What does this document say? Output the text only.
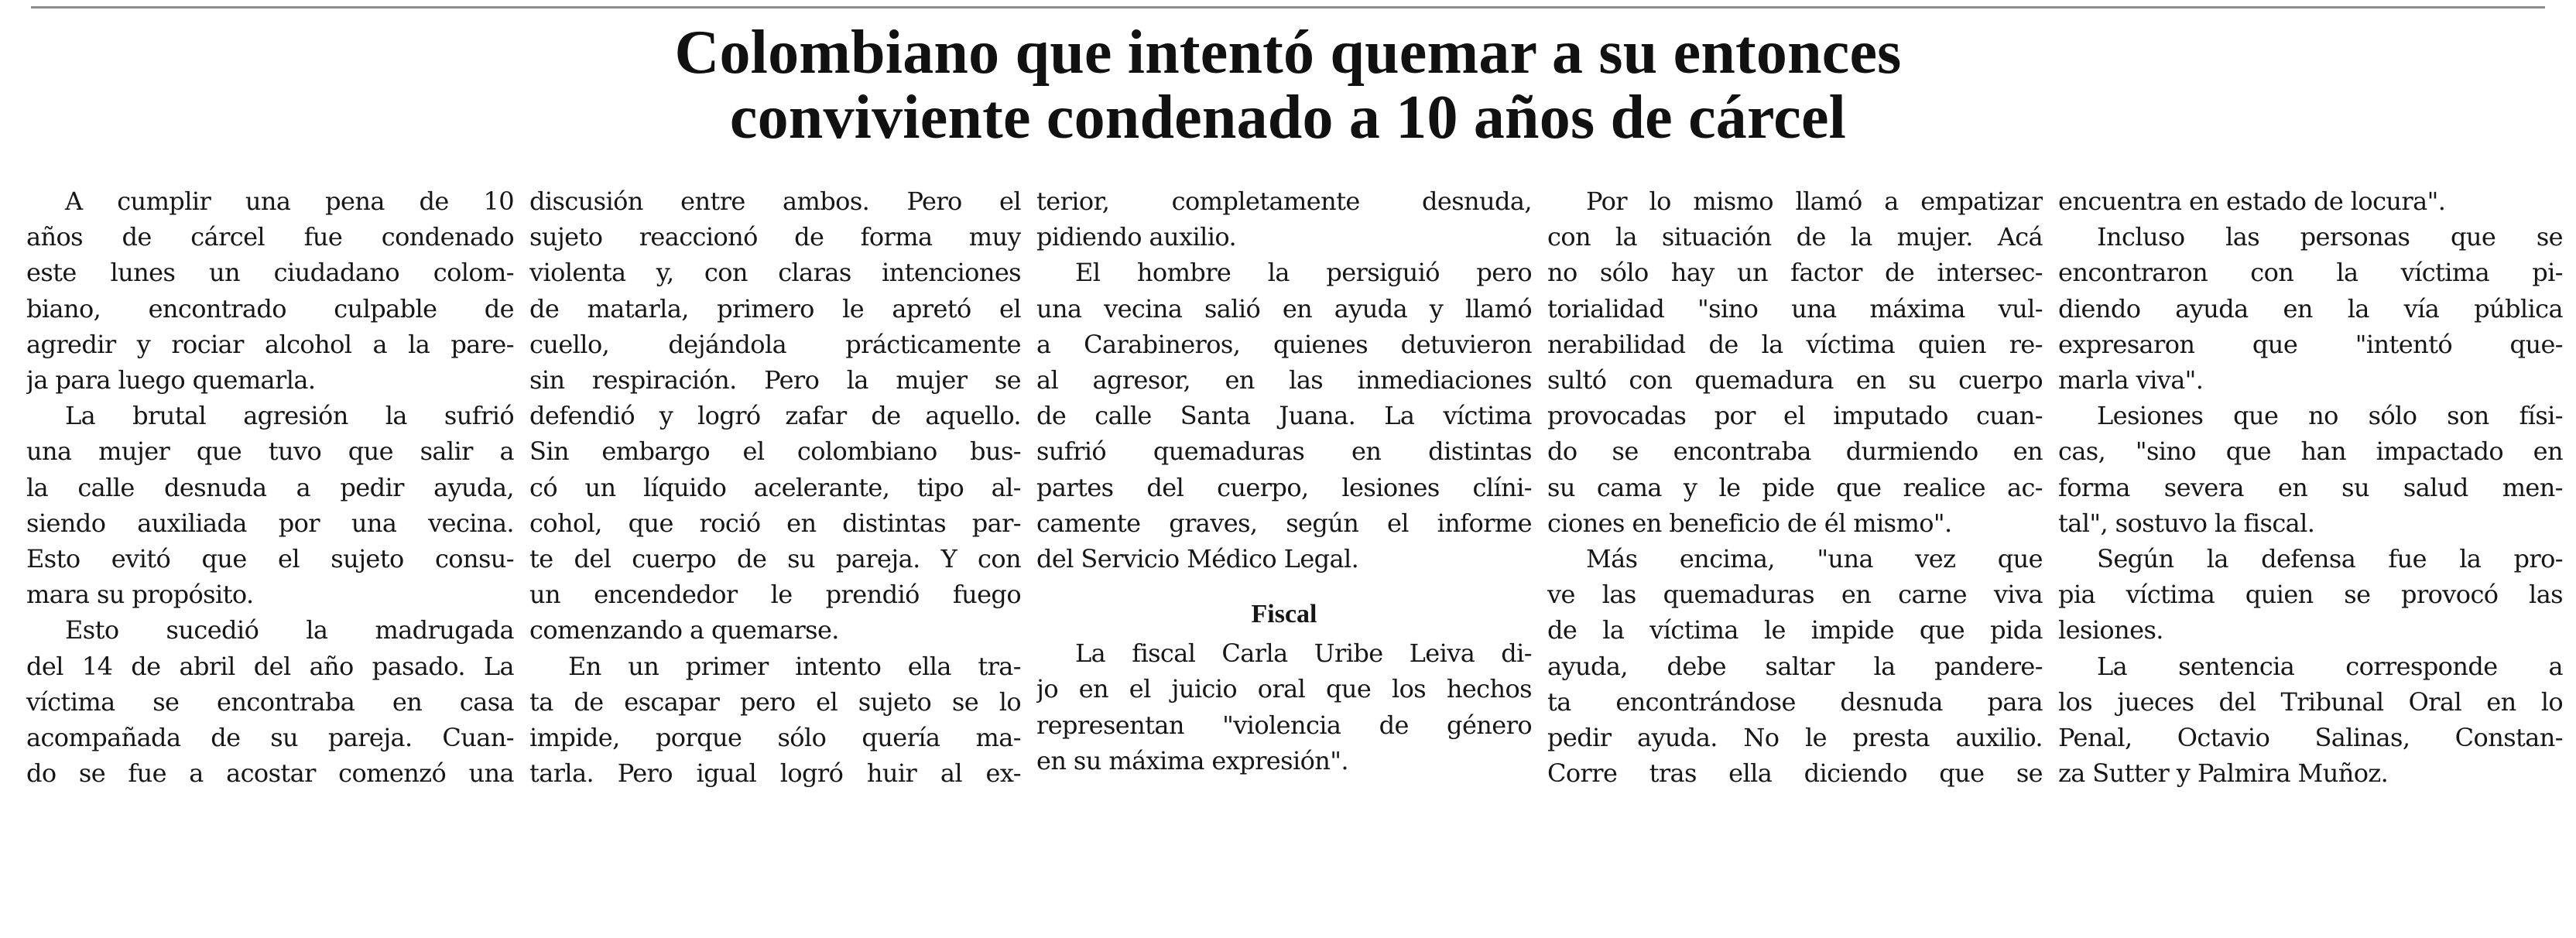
Colombiano que intentó quemar a su entonces
conviviente condenado a 10 años de cárcel
A cumplir una pena de 10
años de cárcel fue condenado
este lunes un ciudadano colom-
biano, encontrado culpable de
agredir y rociar alcohol a la pare-
ja para luego quemarla.
La brutal agresión la sufrió
una mujer que tuvo que salir a
la calle desnuda a pedir ayuda,
siendo auxiliada por una vecina.
Esto evitó que el sujeto consu-
mara su propósito.
Esto sucedió la madrugada
del 14 de abril del año pasado. La
víctima se encontraba en casa
acompañada de su pareja. Cuan-
do se fue a acostar comenzó una
discusión entre ambos. Pero el
sujeto reaccionó de forma muy
violenta y, con claras intenciones
de matarla, primero le apretó el
cuello, dejándola prácticamente
sin respiración. Pero la mujer se
defendió y logró zafar de aquello.
Sin embargo el colombiano bus-
có un líquido acelerante, tipo al-
cohol, que roció en distintas par-
te del cuerpo de su pareja. Y con
un encendedor le prendió fuego
comenzando a quemarse.
En un primer intento ella tra-
ta de escapar pero el sujeto se lo
impide, porque sólo quería ma-
tarla. Pero igual logró huir al ex-
terior, completamente desnuda,
pidiendo auxilio.
El hombre la persiguió pero
una vecina salió en ayuda y llamó
a Carabineros, quienes detuvieron
al agresor, en las inmediaciones
de calle Santa Juana. La víctima
sufrió quemaduras en distintas
partes del cuerpo, lesiones clíni-
camente graves, según el informe
del Servicio Médico Legal.
Fiscal
La fiscal Carla Uribe Leiva di-
jo en el juicio oral que los hechos
representan "violencia de género
en su máxima expresión".
Por lo mismo llamó a empatizar
con la situación de la mujer. Acá
no sólo hay un factor de intersec-
torialidad "sino una máxima vul-
nerabilidad de la víctima quien re-
sultó con quemadura en su cuerpo
provocadas por el imputado cuan-
do se encontraba durmiendo en
su cama y le pide que realice ac-
ciones en beneficio de él mismo".
Más encima, "una vez que
ve las quemaduras en carne viva
de la víctima le impide que pida
ayuda, debe saltar la pandere-
ta encontrándose desnuda para
pedir ayuda. No le presta auxilio.
Corre tras ella diciendo que se
encuentra en estado de locura".
Incluso las personas que se
encontraron con la víctima pi-
diendo ayuda en la vía pública
expresaron que "intentó que-
marla viva".
Lesiones que no sólo son físi-
cas, "sino que han impactado en
forma severa en su salud men-
tal", sostuvo la fiscal.
Según la defensa fue la pro-
pia víctima quien se provocó las
lesiones.
La sentencia corresponde a
los jueces del Tribunal Oral en lo
Penal, Octavio Salinas, Constan-
za Sutter y Palmira Muñoz.
